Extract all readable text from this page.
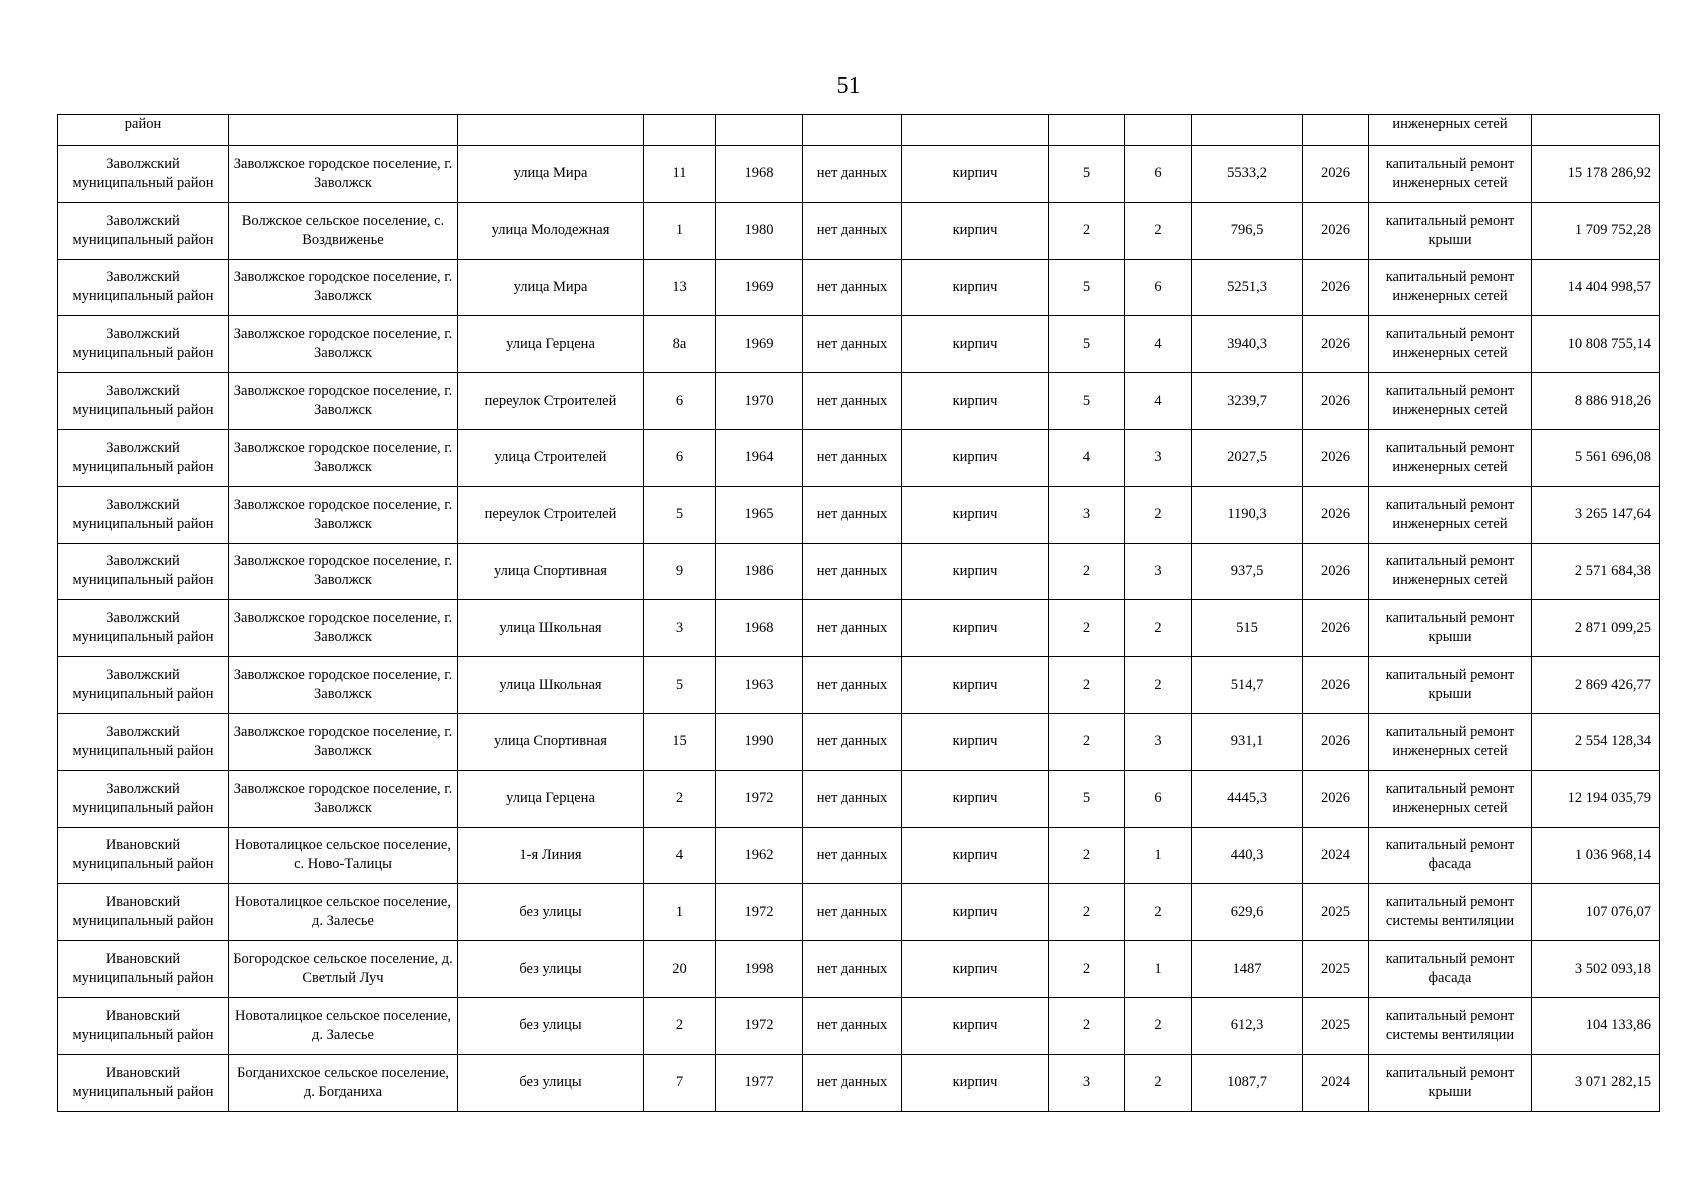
51
район											инженерных сетей	
Заволжский муниципальный район	Заволжское городское поселение, г. Заволжск	улица Мира	11	1968	нет данных	кирпич	5	6	5533,2	2026	капитальный ремонт инженерных сетей	15 178 286,92
Заволжский муниципальный район	Волжское сельское поселение, с. Воздвиженье	улица Молодежная	1	1980	нет данных	кирпич	2	2	796,5	2026	капитальный ремонт крыши	1 709 752,28
Заволжский муниципальный район	Заволжское городское поселение, г. Заволжск	улица Мира	13	1969	нет данных	кирпич	5	6	5251,3	2026	капитальный ремонт инженерных сетей	14 404 998,57
Заволжский муниципальный район	Заволжское городское поселение, г. Заволжск	улица Герцена	8а	1969	нет данных	кирпич	5	4	3940,3	2026	капитальный ремонт инженерных сетей	10 808 755,14
Заволжский муниципальный район	Заволжское городское поселение, г. Заволжск	переулок Строителей	6	1970	нет данных	кирпич	5	4	3239,7	2026	капитальный ремонт инженерных сетей	8 886 918,26
Заволжский муниципальный район	Заволжское городское поселение, г. Заволжск	улица Строителей	6	1964	нет данных	кирпич	4	3	2027,5	2026	капитальный ремонт инженерных сетей	5 561 696,08
Заволжский муниципальный район	Заволжское городское поселение, г. Заволжск	переулок Строителей	5	1965	нет данных	кирпич	3	2	1190,3	2026	капитальный ремонт инженерных сетей	3 265 147,64
Заволжский муниципальный район	Заволжское городское поселение, г. Заволжск	улица Спортивная	9	1986	нет данных	кирпич	2	3	937,5	2026	капитальный ремонт инженерных сетей	2 571 684,38
Заволжский муниципальный район	Заволжское городское поселение, г. Заволжск	улица Школьная	3	1968	нет данных	кирпич	2	2	515	2026	капитальный ремонт крыши	2 871 099,25
Заволжский муниципальный район	Заволжское городское поселение, г. Заволжск	улица Школьная	5	1963	нет данных	кирпич	2	2	514,7	2026	капитальный ремонт крыши	2 869 426,77
Заволжский муниципальный район	Заволжское городское поселение, г. Заволжск	улица Спортивная	15	1990	нет данных	кирпич	2	3	931,1	2026	капитальный ремонт инженерных сетей	2 554 128,34
Заволжский муниципальный район	Заволжское городское поселение, г. Заволжск	улица Герцена	2	1972	нет данных	кирпич	5	6	4445,3	2026	капитальный ремонт инженерных сетей	12 194 035,79
Ивановский муниципальный район	Новоталицкое сельское поселение, с. Ново-Талицы	1-я Линия	4	1962	нет данных	кирпич	2	1	440,3	2024	капитальный ремонт фасада	1 036 968,14
Ивановский муниципальный район	Новоталицкое сельское поселение, д. Залесье	без улицы	1	1972	нет данных	кирпич	2	2	629,6	2025	капитальный ремонт системы вентиляции	107 076,07
Ивановский муниципальный район	Богородское сельское поселение, д. Светлый Луч	без улицы	20	1998	нет данных	кирпич	2	1	1487	2025	капитальный ремонт фасада	3 502 093,18
Ивановский муниципальный район	Новоталицкое сельское поселение, д. Залесье	без улицы	2	1972	нет данных	кирпич	2	2	612,3	2025	капитальный ремонт системы вентиляции	104 133,86
Ивановский муниципальный район	Богданихское сельское поселение, д. Богданиха	без улицы	7	1977	нет данных	кирпич	3	2	1087,7	2024	капитальный ремонт крыши	3 071 282,15
